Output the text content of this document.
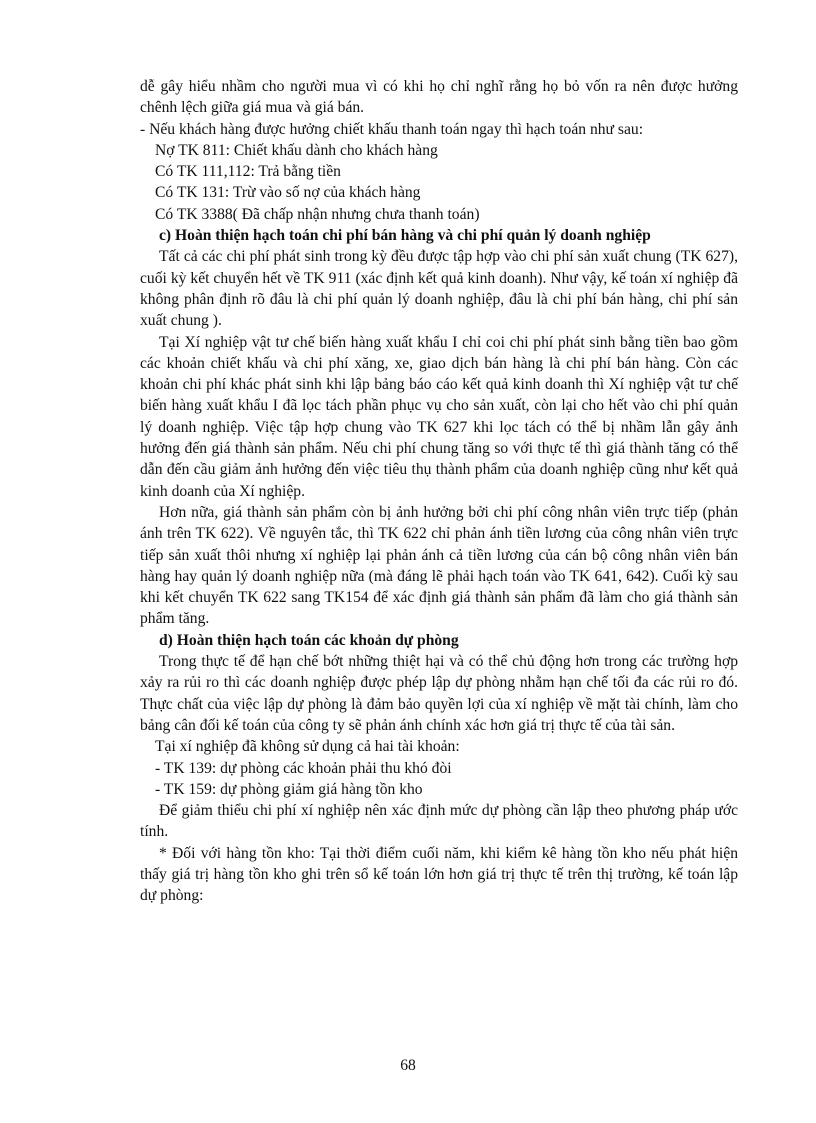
dễ gây hiểu nhầm cho người mua vì có khi họ chỉ nghĩ rằng họ bỏ vốn ra nên được hưởng chênh lệch giữa giá mua và giá bán.

- Nếu khách hàng được hưởng chiết khấu thanh toán ngay thì hạch toán như sau:

Nợ TK 811: Chiết khấu dành cho khách hàng

Có TK 111,112: Trả bằng tiền

Có TK 131: Trừ vào số nợ của khách hàng

Có TK 3388( Đã chấp nhận nhưng chưa thanh toán)

c) Hoàn thiện hạch toán chi phí bán hàng và chi phí quản lý doanh nghiệp

Tất cả các chi phí phát sinh trong kỳ đều được tập hợp vào chi phí sản xuất chung (TK 627), cuối kỳ kết chuyển hết về TK 911 (xác định kết quả kinh doanh). Như vậy, kế toán xí nghiệp đã không phân định rõ đâu là chi phí quản lý doanh nghiệp, đâu là chi phí bán hàng, chi phí sản xuất chung ).

Tại Xí nghiệp vật tư chế biến hàng xuất khẩu I chỉ coi chi phí phát sinh bằng tiền bao gồm các khoản chiết khấu và chi phí xăng, xe, giao dịch bán hàng là chi phí bán hàng. Còn các khoản chi phí khác phát sinh khi lập bảng báo cáo kết quả kinh doanh thì Xí nghiệp vật tư chế biến hàng xuất khẩu I đã lọc tách phần phục vụ cho sản xuất, còn lại cho hết vào chi phí quản lý doanh nghiệp. Việc tập hợp chung vào TK 627 khi lọc tách có thể bị nhầm lẫn gây ảnh hưởng đến giá thành sản phẩm. Nếu chi phí chung tăng so với thực tế thì giá thành tăng có thể dẫn đến cầu giảm ảnh hưởng đến việc tiêu thụ thành phẩm của doanh nghiệp cũng như kết quả kinh doanh của Xí nghiệp.

Hơn nữa, giá thành sản phẩm còn bị ảnh hưởng bởi chi phí công nhân viên trực tiếp (phản ánh trên TK 622). Về nguyên tắc, thì TK 622 chỉ phản ánh tiền lương của công nhân viên trực tiếp sản xuất thôi nhưng xí nghiệp lại phản ánh cả tiền lương của cán bộ công nhân viên bán hàng hay quản lý doanh nghiệp nữa (mà đáng lẽ phải hạch toán vào TK 641, 642). Cuối kỳ sau khi kết chuyển TK 622 sang TK154 để xác định giá thành sản phẩm đã làm cho giá thành sản phẩm tăng.

d) Hoàn thiện hạch toán các khoản dự phòng

Trong thực tế để hạn chế bớt những thiệt hại và có thể chủ động hơn trong các trường hợp xảy ra rủi ro thì các doanh nghiệp được phép lập dự phòng nhằm hạn chế tối đa các rủi ro đó. Thực chất của việc lập dự phòng là đảm bảo quyền lợi của xí nghiệp về mặt tài chính, làm cho bảng cân đối kế toán của công ty sẽ phản ánh chính xác hơn giá trị thực tế của tài sản.

Tại xí nghiệp đã không sử dụng cả hai tài khoản:

- TK 139: dự phòng các khoản phải thu khó đòi

- TK 159: dự phòng giảm giá hàng tồn kho

Để giảm thiểu chi phí xí nghiệp nên xác định mức dự phòng cần lập theo phương pháp ước tính.

* Đối với hàng tồn kho: Tại thời điểm cuối năm, khi kiểm kê hàng tồn kho nếu phát hiện thấy giá trị hàng tồn kho ghi trên sổ kế toán lớn hơn giá trị thực tế trên thị trường, kế toán lập dự phòng:

68
